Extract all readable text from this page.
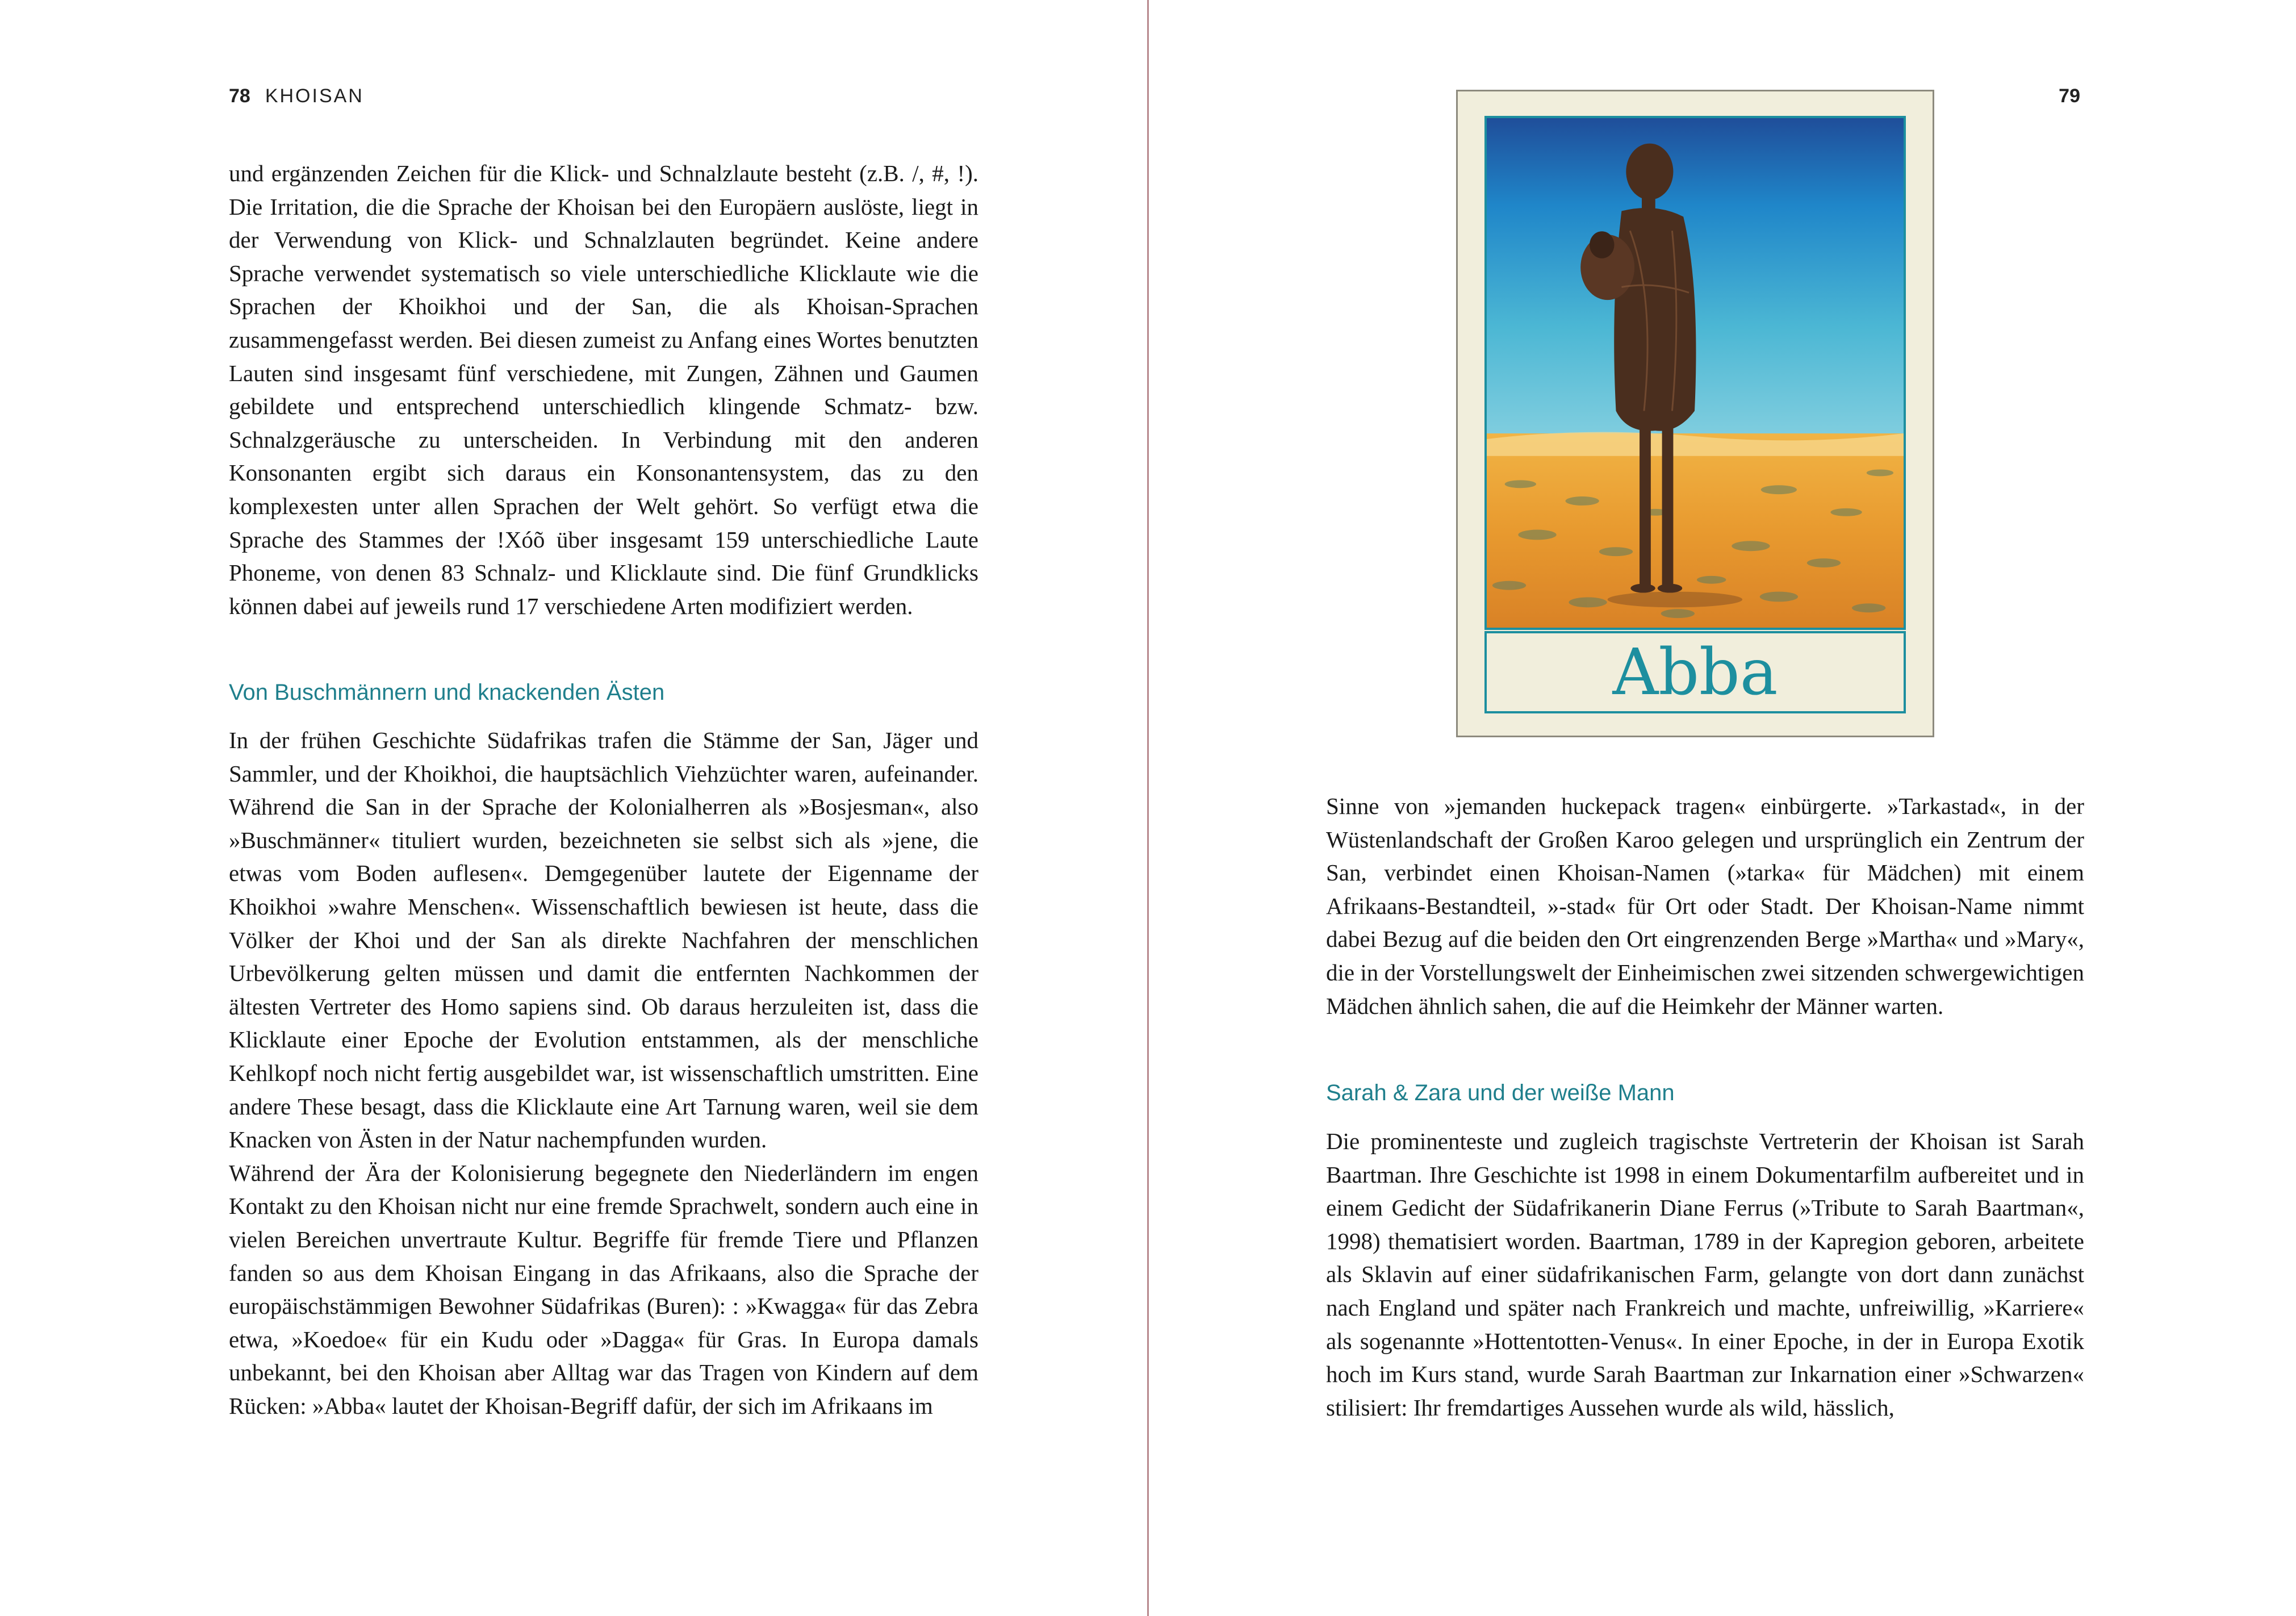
78 KHOISAN

und ergänzenden Zeichen für die Klick- und Schnalzlaute besteht (z.B. /, #, !). Die Irritation, die die Sprache der Khoisan bei den Europäern auslöste, liegt in der Verwendung von Klick- und Schnalzlauten begründet. Keine andere Sprache verwendet systematisch so viele unterschiedliche Klicklaute wie die Sprachen der Khoikhoi und der San, die als Khoisan-Sprachen zusammengefasst werden. Bei diesen zumeist zu Anfang eines Wortes benutzten Lauten sind insgesamt fünf verschiedene, mit Zungen, Zähnen und Gaumen gebildete und entsprechend unterschiedlich klingende Schmatz- bzw. Schnalzgeräusche zu unterscheiden. In Verbindung mit den anderen Konsonanten ergibt sich daraus ein Konsonantensystem, das zu den komplexesten unter allen Sprachen der Welt gehört. So verfügt etwa die Sprache des Stammes der ǃXóõ über insgesamt 159 unterschiedliche Laute Phoneme, von denen 83 Schnalz- und Klicklaute sind. Die fünf Grundklicks können dabei auf jeweils rund 17 verschiedene Arten modifiziert werden.

Von Buschmännern und knackenden Ästen

In der frühen Geschichte Südafrikas trafen die Stämme der San, Jäger und Sammler, und der Khoikhoi, die hauptsächlich Viehzüchter waren, aufeinander. Während die San in der Sprache der Kolonialherren als »Bosjesman«, also »Buschmänner« tituliert wurden, bezeichneten sie selbst sich als »jene, die etwas vom Boden auflesen«. Demgegenüber lautete der Eigenname der Khoikhoi »wahre Menschen«. Wissenschaftlich bewiesen ist heute, dass die Völker der Khoi und der San als direkte Nachfahren der menschlichen Urbevölkerung gelten müssen und damit die entfernten Nachkommen der ältesten Vertreter des Homo sapiens sind. Ob daraus herzuleiten ist, dass die Klicklaute einer Epoche der Evolution entstammen, als der menschliche Kehlkopf noch nicht fertig ausgebildet war, ist wissenschaftlich umstritten. Eine andere These besagt, dass die Klicklaute eine Art Tarnung waren, weil sie dem Knacken von Ästen in der Natur nachempfunden wurden.

Während der Ära der Kolonisierung begegnete den Niederländern im engen Kontakt zu den Khoisan nicht nur eine fremde Sprachwelt, sondern auch eine in vielen Bereichen unvertraute Kultur. Begriffe für fremde Tiere und Pflanzen fanden so aus dem Khoisan Eingang in das Afrikaans, also die Sprache der europäischstämmigen Bewohner Südafrikas (Buren): : »Kwagga« für das Zebra etwa, »Koedoe« für ein Kudu oder »Dagga« für Gras. In Europa damals unbekannt, bei den Khoisan aber Alltag war das Tragen von Kindern auf dem Rücken: »Abba« lautet der Khoisan-Begriff dafür, der sich im Afrikaans im

79
Abba

Sinne von »jemanden huckepack tragen« einbürgerte. »Tarkastad«, in der Wüstenlandschaft der Großen Karoo gelegen und ursprünglich ein Zentrum der San, verbindet einen Khoisan-Namen (»tarka« für Mädchen) mit einem Afrikaans-Bestandteil, »-stad« für Ort oder Stadt. Der Khoisan-Name nimmt dabei Bezug auf die beiden den Ort eingrenzenden Berge »Martha« und »Mary«, die in der Vorstellungswelt der Einheimischen zwei sitzenden schwergewichtigen Mädchen ähnlich sahen, die auf die Heimkehr der Männer warten.

Sarah & Zara und der weiße Mann

Die prominenteste und zugleich tragischste Vertreterin der Khoisan ist Sarah Baartman. Ihre Geschichte ist 1998 in einem Dokumentarfilm aufbereitet und in einem Gedicht der Südafrikanerin Diane Ferrus (»Tribute to Sarah Baartman«, 1998) thematisiert worden. Baartman, 1789 in der Kapregion geboren, arbeitete als Sklavin auf einer südafrikanischen Farm, gelangte von dort dann zunächst nach England und später nach Frankreich und machte, unfreiwillig, »Karriere« als sogenannte »Hottentotten-Venus«. In einer Epoche, in der in Europa Exotik hoch im Kurs stand, wurde Sarah Baartman zur Inkarnation einer »Schwarzen« stilisiert: Ihr fremdartiges Aussehen wurde als wild, hässlich,
